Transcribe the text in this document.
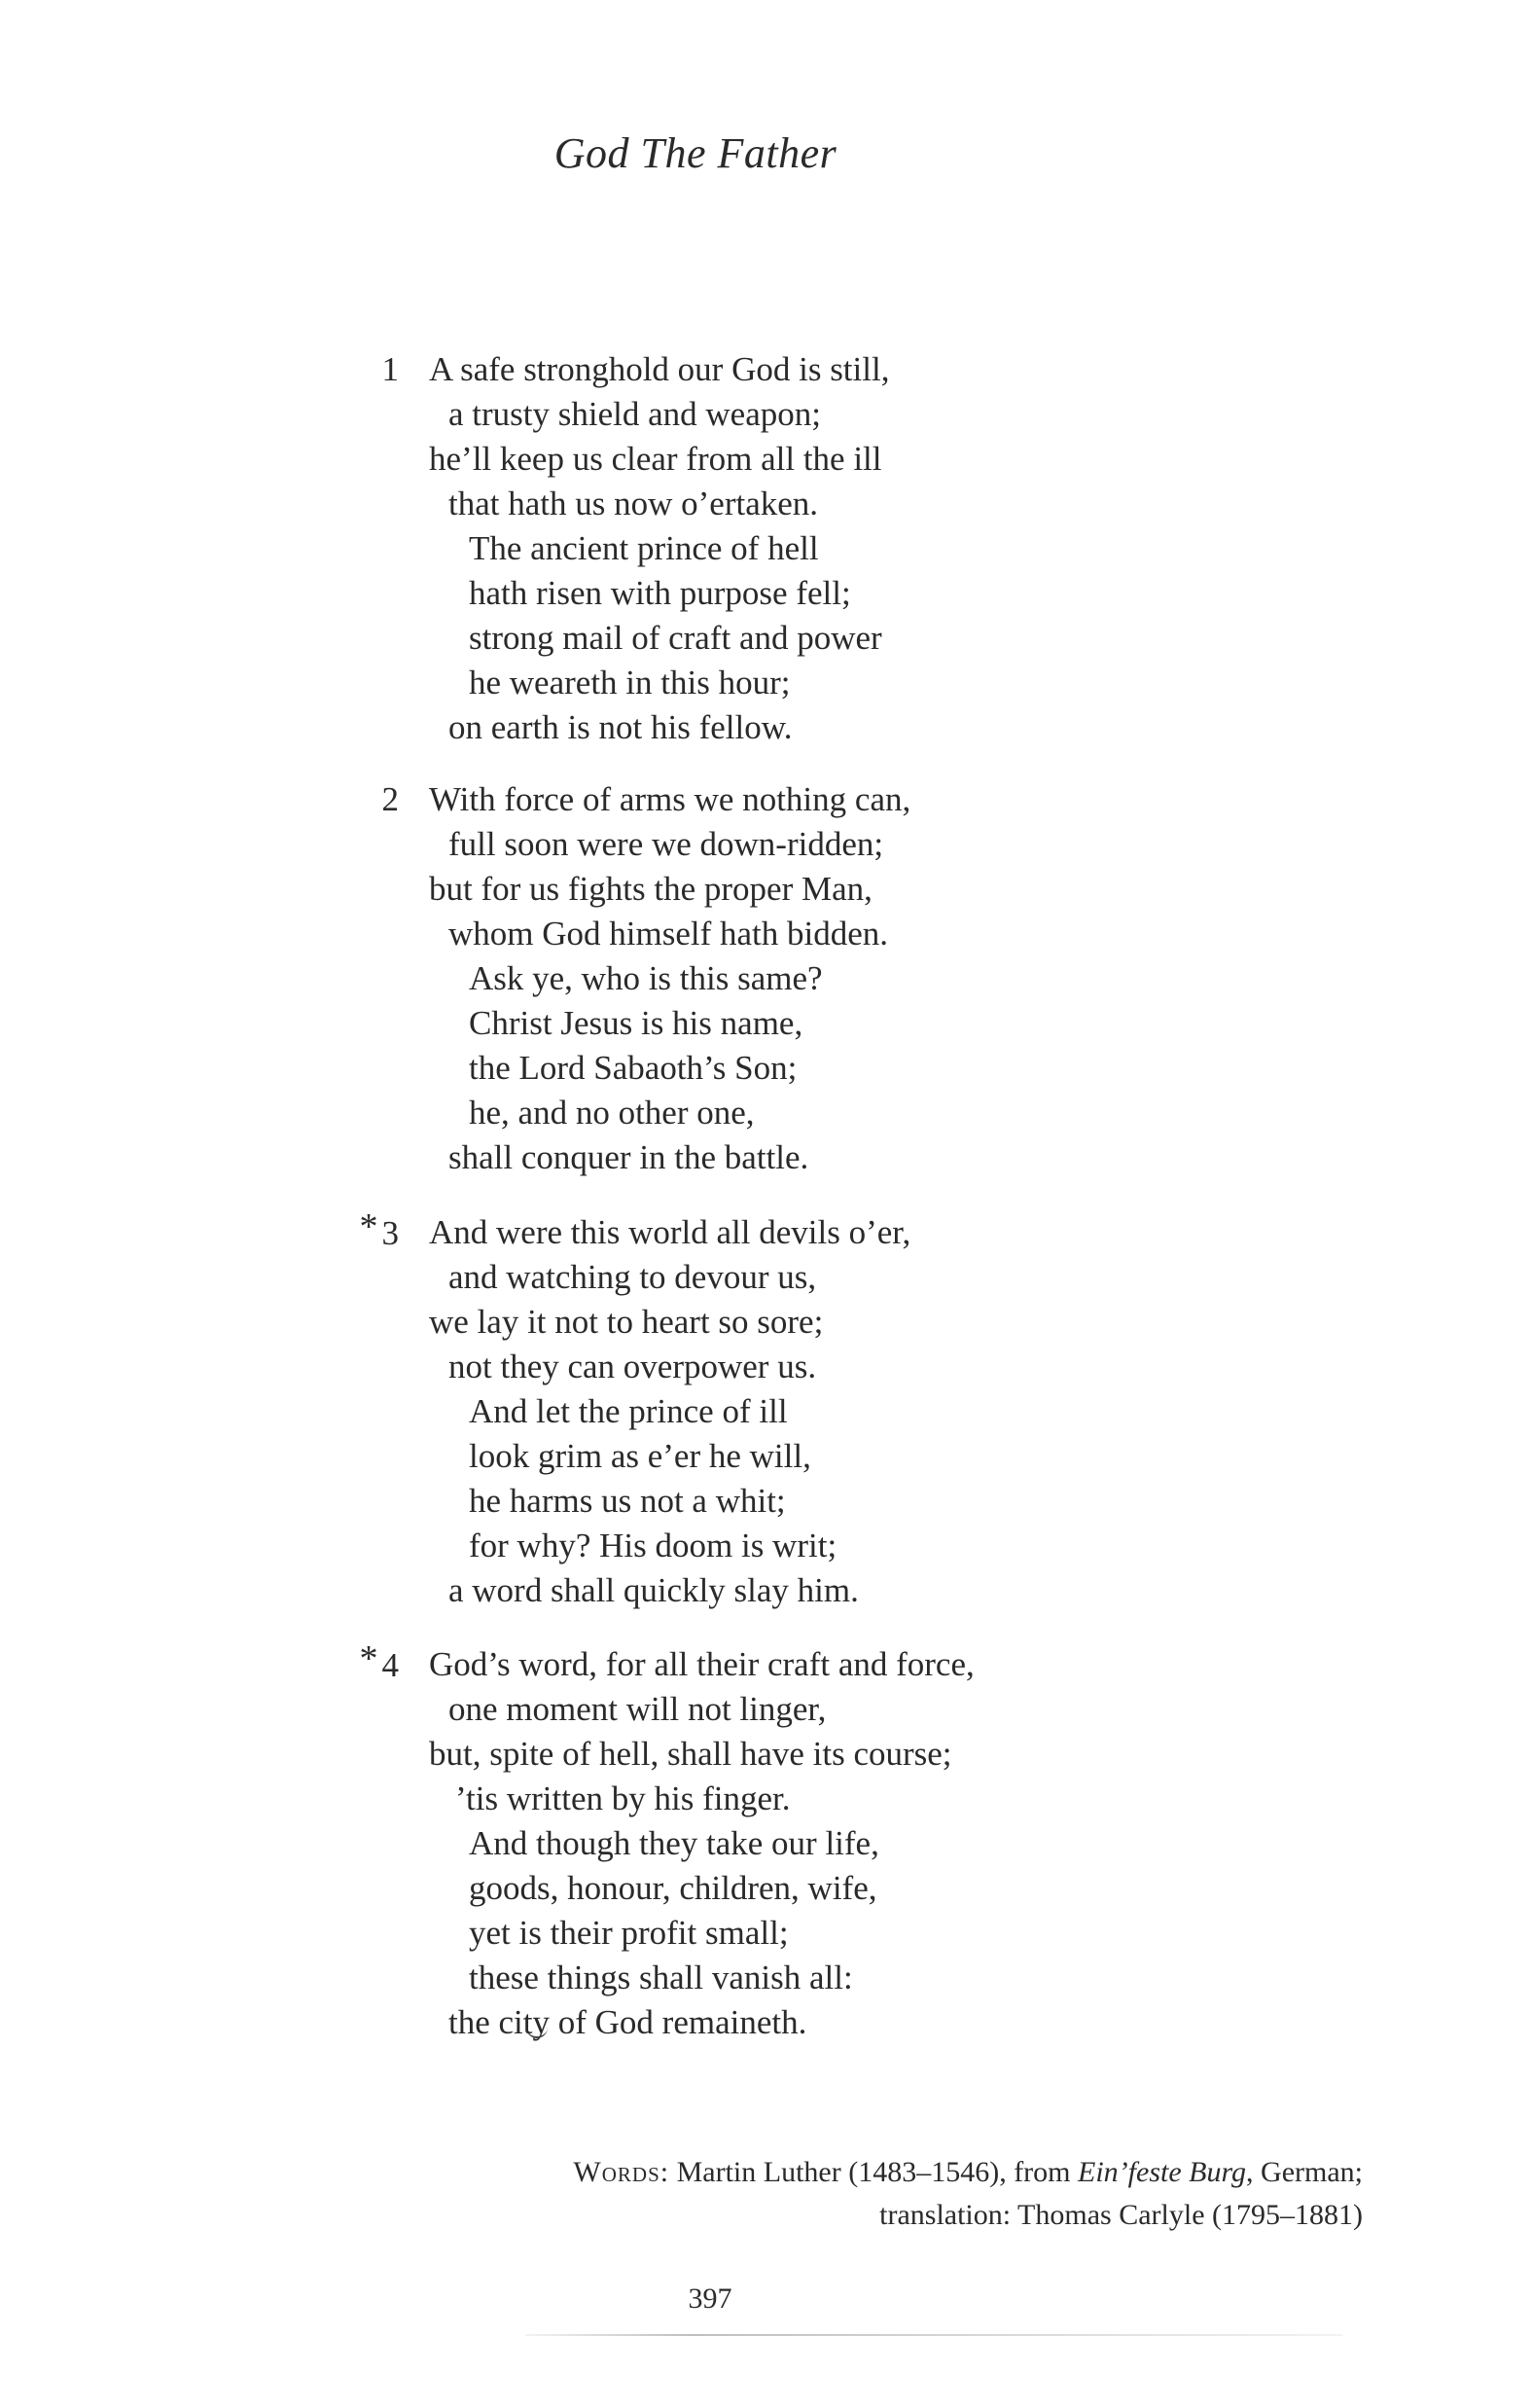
God The Father
1 A safe stronghold our God is still,
a trusty shield and weapon;
he’ll keep us clear from all the ill
that hath us now o’ertaken.
The ancient prince of hell
hath risen with purpose fell;
strong mail of craft and power
he weareth in this hour;
on earth is not his fellow.
2 With force of arms we nothing can,
full soon were we down-ridden;
but for us fights the proper Man,
whom God himself hath bidden.
Ask ye, who is this same?
Christ Jesus is his name,
the Lord Sabaoth’s Son;
he, and no other one,
shall conquer in the battle.
* 3 And were this world all devils o’er,
and watching to devour us,
we lay it not to heart so sore;
not they can overpower us.
And let the prince of ill
look grim as e’er he will,
he harms us not a whit;
for why? His doom is writ;
a word shall quickly slay him.
* 4 God’s word, for all their craft and force,
one moment will not linger,
but, spite of hell, shall have its course;
’tis written by his finger.
And though they take our life,
goods, honour, children, wife,
yet is their profit small;
these things shall vanish all:
the city of God remaineth.
Words: Martin Luther (1483–1546), from Ein’feste Burg, German;
translation: Thomas Carlyle (1795–1881)
397
